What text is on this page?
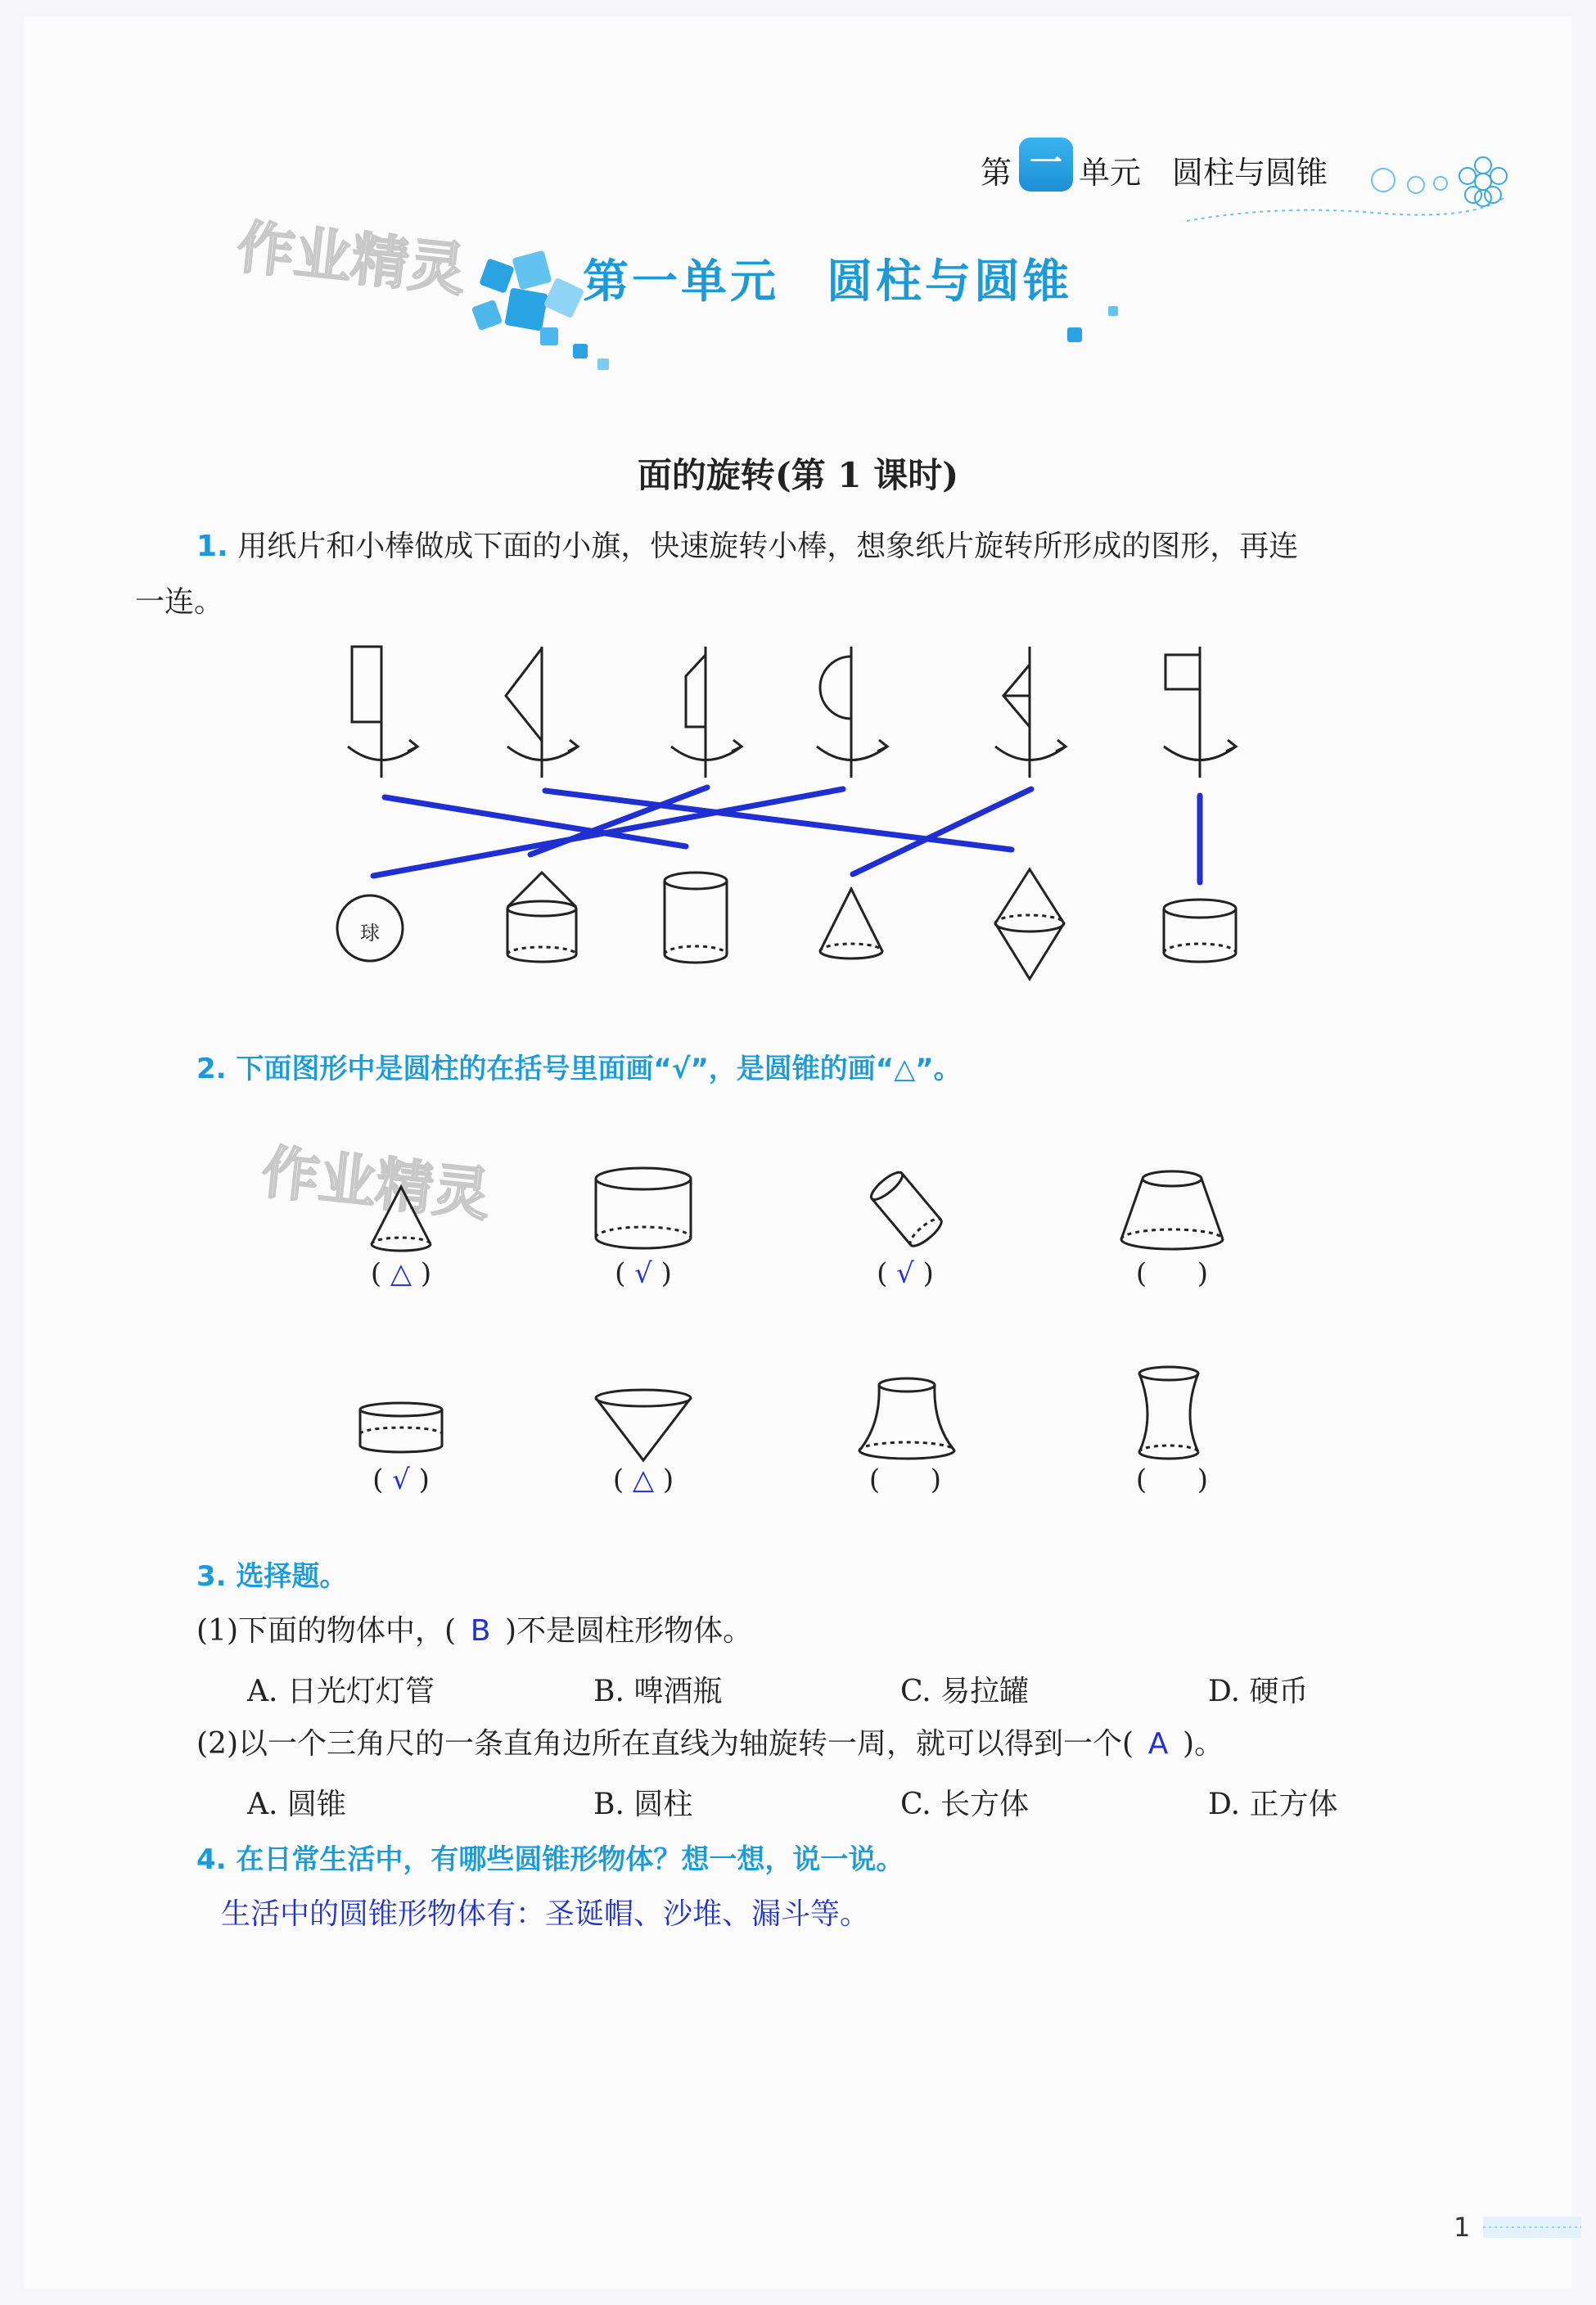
第 一 单元 圆柱与圆锥
作业精灵 第一单元 圆柱与圆锥
面的旋转(第 1 课时)
1. 用纸片和小棒做成下面的小旗，快速旋转小棒，想象纸片旋转所形成的图形，再连
一连。
球
2. 下面图形中是圆柱的在括号里面画“√”，是圆锥的画“△”。
作业精灵
( △ )	( √ )	( √ )	(  )
( √ )	( △ )	(  )	(  )
3. 选择题。
(1)下面的物体中，( B )不是圆柱形物体。
A. 日光灯灯管	B. 啤酒瓶	C. 易拉罐	D. 硬币
(2)以一个三角尺的一条直角边所在直线为轴旋转一周，就可以得到一个( A )。
A. 圆锥	B. 圆柱	C. 长方体	D. 正方体
4. 在日常生活中，有哪些圆锥形物体？想一想，说一说。
生活中的圆锥形物体有：圣诞帽、沙堆、漏斗等。
1
